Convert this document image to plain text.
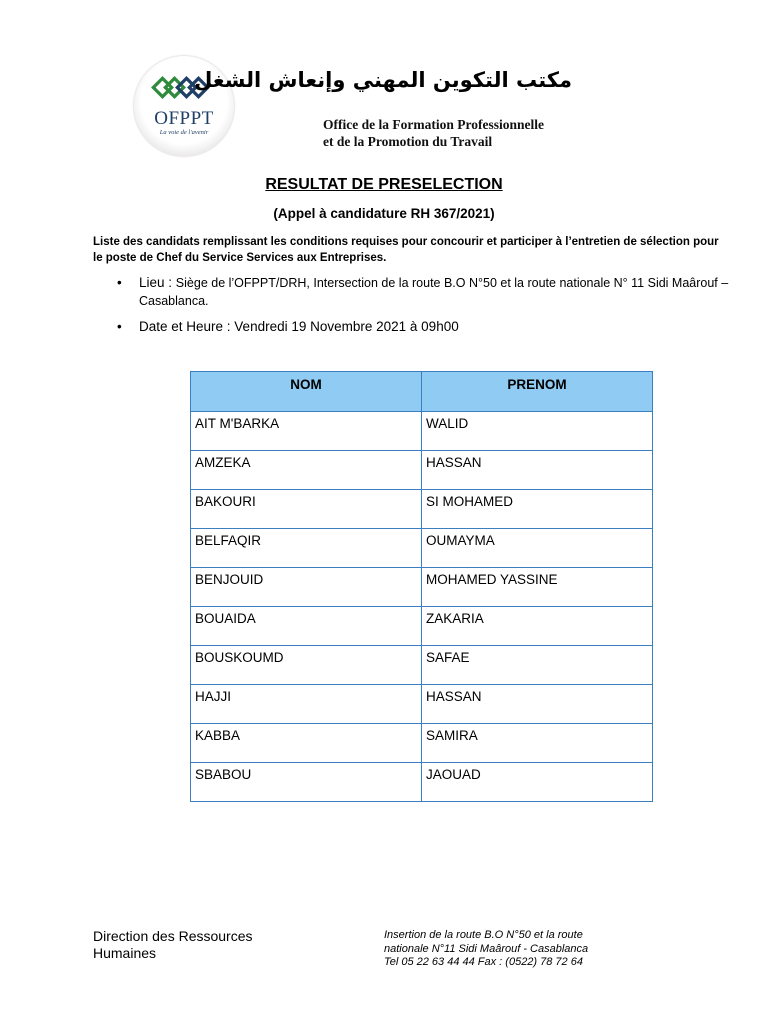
OFPPT
La voie de l'avenir
مكتب التكوين المهني وإنعاش الشغل
Office de la Formation Professionnelle
et de la Promotion du Travail
RESULTAT DE PRESELECTION
(Appel à candidature RH 367/2021)
Liste des candidats remplissant les conditions requises pour concourir et participer à l’entretien de sélection pour le poste de Chef du Service Services aux Entreprises.
• Lieu : Siège de l’OFPPT/DRH, Intersection de la route B.O N°50 et la route nationale N° 11 Sidi Maârouf – Casablanca.
• Date et Heure : Vendredi 19 Novembre 2021 à 09h00
NOM	PRENOM
AIT M'BARKA	WALID
AMZEKA	HASSAN
BAKOURI	SI MOHAMED
BELFAQIR	OUMAYMA
BENJOUID	MOHAMED YASSINE
BOUAIDA	ZAKARIA
BOUSKOUMD	SAFAE
HAJJI	HASSAN
KABBA	SAMIRA
SBABOU	JAOUAD
Direction des Ressources
Humaines
Insertion de la route B.O N°50 et la route
nationale N°11 Sidi Maârouf - Casablanca
Tel 05 22 63 44 44 Fax : (0522) 78 72 64
